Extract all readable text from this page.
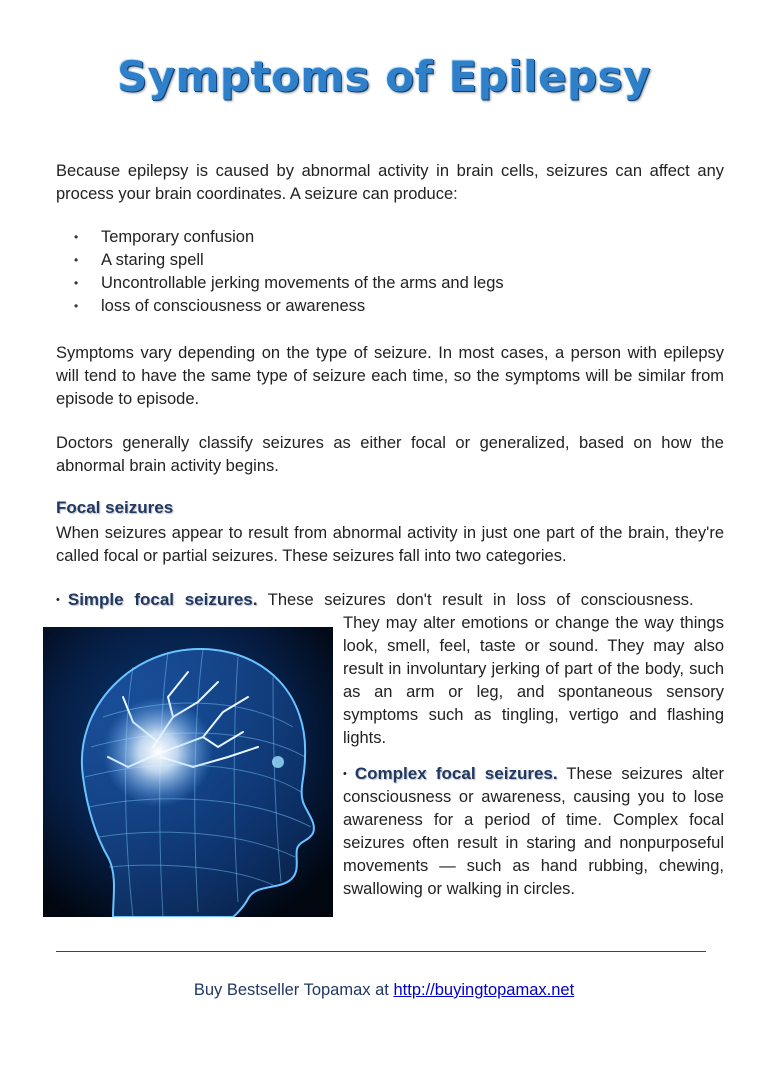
Symptoms of Epilepsy

Because epilepsy is caused by abnormal activity in brain cells, seizures can affect any process your brain coordinates. A seizure can produce:

• Temporary confusion
• A staring spell
• Uncontrollable jerking movements of the arms and legs
• loss of consciousness or awareness

Symptoms vary depending on the type of seizure. In most cases, a person with epilepsy will tend to have the same type of seizure each time, so the symptoms will be similar from episode to episode.

Doctors generally classify seizures as either focal or generalized, based on how the abnormal brain activity begins.

Focal seizures

When seizures appear to result from abnormal activity in just one part of the brain, they're called focal or partial seizures. These seizures fall into two categories.

• Simple focal seizures. These seizures don't result in loss of consciousness.

They may alter emotions or change the way things look, smell, feel, taste or sound. They may also result in involuntary jerking of part of the body, such as an arm or leg, and spontaneous sensory symptoms such as tingling, vertigo and flashing lights.

• Complex focal seizures. These seizures alter consciousness or awareness, causing you to lose awareness for a period of time. Complex focal seizures often result in staring and nonpurposeful movements — such as hand rubbing, chewing, swallowing or walking in circles.

Buy Bestseller Topamax at http://buyingtopamax.net
